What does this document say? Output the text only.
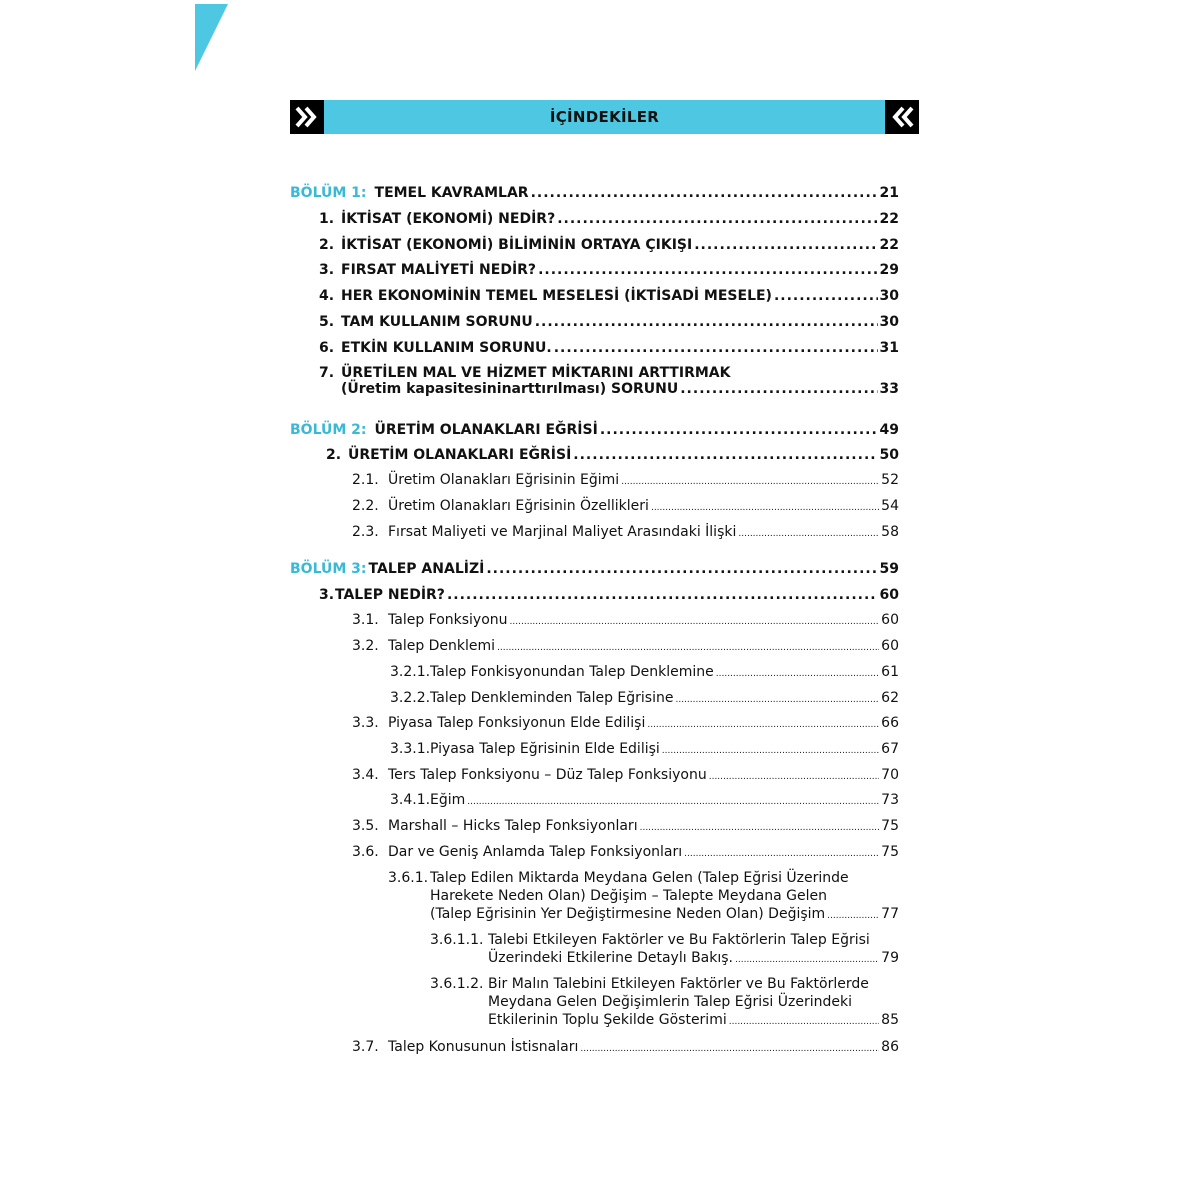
İÇİNDEKİLER
BÖLÜM 1: TEMEL KAVRAMLAR .....	21
1. İKTİSAT (EKONOMİ) NEDİR? .....	22
2. İKTİSAT (EKONOMİ) BİLİMİNİN ORTAYA ÇIKIŞI .....	22
3. FIRSAT MALİYETİ NEDİR? .....	29
4. HER EKONOMİNİN TEMEL MESELESİ (İKTİSADİ MESELE) .....	30
5. TAM KULLANIM SORUNU .....	30
6. ETKİN KULLANIM SORUNU. .....	31
7. ÜRETİLEN MAL VE HİZMET MİKTARINI ARTTIRMAK
(Üretim kapasitesininarttırılması) SORUNU .....	33
BÖLÜM 2: ÜRETİM OLANAKLARI EĞRİSİ .....	49
2. ÜRETİM OLANAKLARI EĞRİSİ .....	50
2.1. Üretim Olanakları Eğrisinin Eğimi .....	52
2.2. Üretim Olanakları Eğrisinin Özellikleri .....	54
2.3. Fırsat Maliyeti ve Marjinal Maliyet Arasındaki İlişki .....	58
BÖLÜM 3: TALEP ANALİZİ .....	59
3. TALEP NEDİR? .....	60
3.1. Talep Fonksiyonu .....	60
3.2. Talep Denklemi .....	60
3.2.1. Talep Fonkisyonundan Talep Denklemine .....	61
3.2.2. Talep Denkleminden Talep Eğrisine .....	62
3.3. Piyasa Talep Fonksiyonun Elde Edilişi .....	66
3.3.1. Piyasa Talep Eğrisinin Elde Edilişi .....	67
3.4. Ters Talep Fonksiyonu – Düz Talep Fonksiyonu .....	70
3.4.1. Eğim .....	73
3.5. Marshall – Hicks Talep Fonksiyonları .....	75
3.6. Dar ve Geniş Anlamda Talep Fonksiyonları .....	75
3.6.1. Talep Edilen Miktarda Meydana Gelen (Talep Eğrisi Üzerinde
Harekete Neden Olan) Değişim – Talepte Meydana Gelen
(Talep Eğrisinin Yer Değiştirmesine Neden Olan) Değişim .....	77
3.6.1.1. Talebi Etkileyen Faktörler ve Bu Faktörlerin Talep Eğrisi
Üzerindeki Etkilerine Detaylı Bakış. .....	79
3.6.1.2. Bir Malın Talebini Etkileyen Faktörler ve Bu Faktörlerde
Meydana Gelen Değişimlerin Talep Eğrisi Üzerindeki
Etkilerinin Toplu Şekilde Gösterimi .....	85
3.7. Talep Konusunun İstisnaları .....	86
